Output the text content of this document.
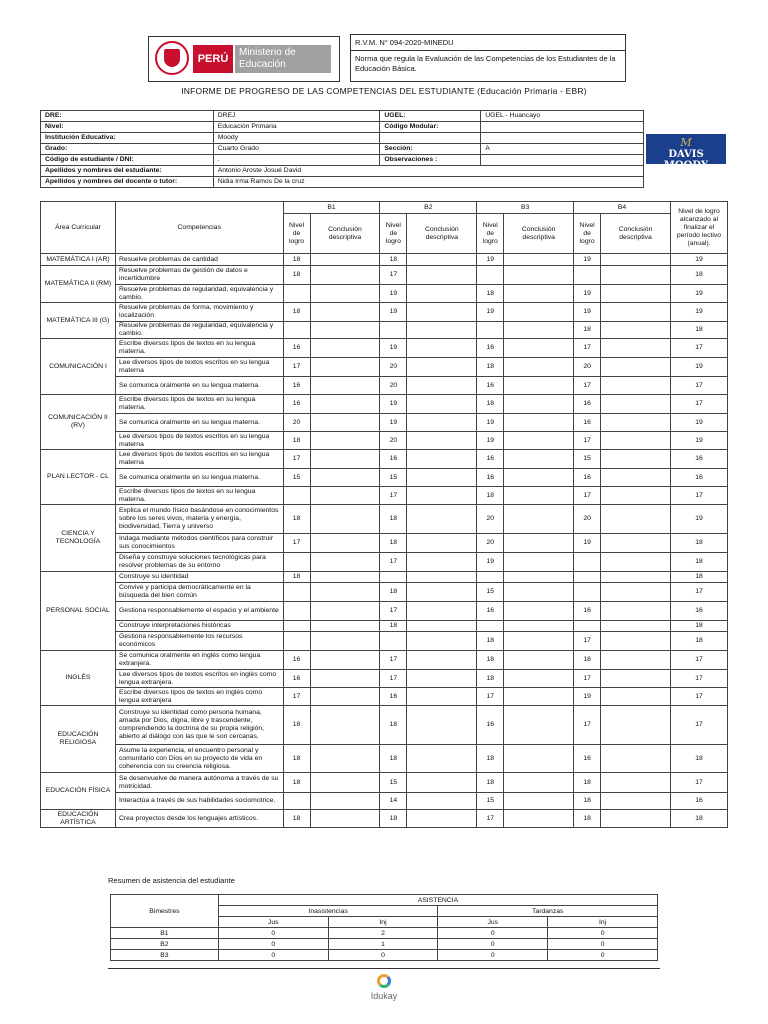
PERÚ
Ministerio de Educación
R.V.M. N° 094-2020-MINEDU
Norma que regula la Evaluación de las Competencias de los Estudiantes de la Educación Básica.
INFORME DE PROGRESO DE LAS COMPETENCIAS DEL ESTUDIANTE (Educación Primaria - EBR)
DRE:	DREJ	UGEL:	UGEL - Huancayo
Nivel:	Educación Primaria	Código Modular:	
Institución Educativa:	Moody		
Grado:	Cuarto Grado	Sección:	A
Código de estudiante / DNI:	.	Observaciones :	
Apellidos y nombres del estudiante:	Antonio Aroste Josué David		
Apellidos y nombres del docente o tutor:	Nidia Irma Ramos De la cruz		
M
DAVIS MOODY
Área Curricular	Competencias	B1		B2		B3		B4		Nivel de logro alcanzado al finalizar el período lectivo (anual).
		Nivel de logro	Conclusión descriptiva	Nivel de logro	Conclusión descriptiva	Nivel de logro	Conclusión descriptiva	Nivel de logro	Conclusión descriptiva	
MATEMÁTICA I (AR)	Resuelve problemas de cantidad	18		18		19		19		19
MATEMÁTICA II (RM)	Resuelve problemas de gestión de datos e incertidumbre	18		17						18
	Resuelve problemas de regularidad, equivalencia y cambio.			19		18		19		19
MATEMÁTICA III (G)	Resuelve problemas de forma, movimiento y localización	18		19		19		19		19
	Resuelve problemas de regularidad, equivalencia y cambio.							18		18
COMUNICACIÓN I	Escribe diversos tipos de textos en su lengua materna.	16		19		16		17		17
	Lee diversos tipos de textos escritos en su lengua materna	17		20		18		20		19
	Se comunica oralmente en su lengua materna.	16		20		16		17		17
COMUNICACIÓN II (RV)	Escribe diversos tipos de textos en su lengua materna.	16		19		18		16		17
	Se comunica oralmente en su lengua materna.	20		19		19		16		19
	Lee diversos tipos de textos escritos en su lengua materna	18		20		19		17		19
PLAN LECTOR - CL	Lee diversos tipos de textos escritos en su lengua materna	17		16		16		15		16
	Se comunica oralmente en su lengua materna.	15		15		16		16		16
	Escribe diversos tipos de textos en su lengua materna.			17		18		17		17
CIENCIA Y TECNOLOGÍA	Explica el mundo físico basándose en conocimientos sobre los seres vivos, materia y energía, biodiversidad, Tierra y universo	18		18		20		20		19
	Indaga mediante métodos científicos para construir sus conocimientos	17		18		20		19		18
	Diseña y construye soluciones tecnológicas para resolver problemas de su entorno			17		19				18
PERSONAL SOCIAL	Construye su identidad	18								18
	Convive y participa democráticamente en la búsqueda del bien común			18		15				17
	Gestiona responsablemente el espacio y el ambiente			17		16		16		16
	Construye interpretaciones históricas			18						18
	Gestiona responsablemente los recursos económicos					18		17		18
INGLÉS	Se comunica oralmente en inglés como lengua extranjera.	16		17		18		18		17
	Lee diversos tipos de textos escritos en inglés como lengua extranjera.	16		17		18		17		17
	Escribe diversos tipos de textos en inglés como lengua extranjera	17		16		17		19		17
EDUCACIÓN RELIGIOSA	Construye su identidad como persona humana, amada por Dios, digna, libre y trascendente, comprendiendo la doctrina de su propia religión, abierto al diálogo con las que le son cercanas.	18		18		16		17		17
	Asume la experiencia, el encuentro personal y comunitario con Dios en su proyecto de vida en coherencia con su creencia religiosa.	18		18		18		16		18
EDUCACIÓN FÍSICA	Se desenvuelve de manera autónoma a través de su motricidad.	18		15		18		18		17
	Interactúa a través de sus habilidades sociomotrice.			14		15		18		16
EDUCACIÓN ARTÍSTICA	Crea proyectos desde los lenguajes artísticos.	18		18		17		18		18
Resumen de asistencia del estudiante
Bimestres	ASISTENCIA			
	Inasistencias		Tardanzas	
	Jus	Inj	Jus	Inj
B1	0	2	0	0
B2	0	1	0	0
B3	0	0	0	0
Idukay
